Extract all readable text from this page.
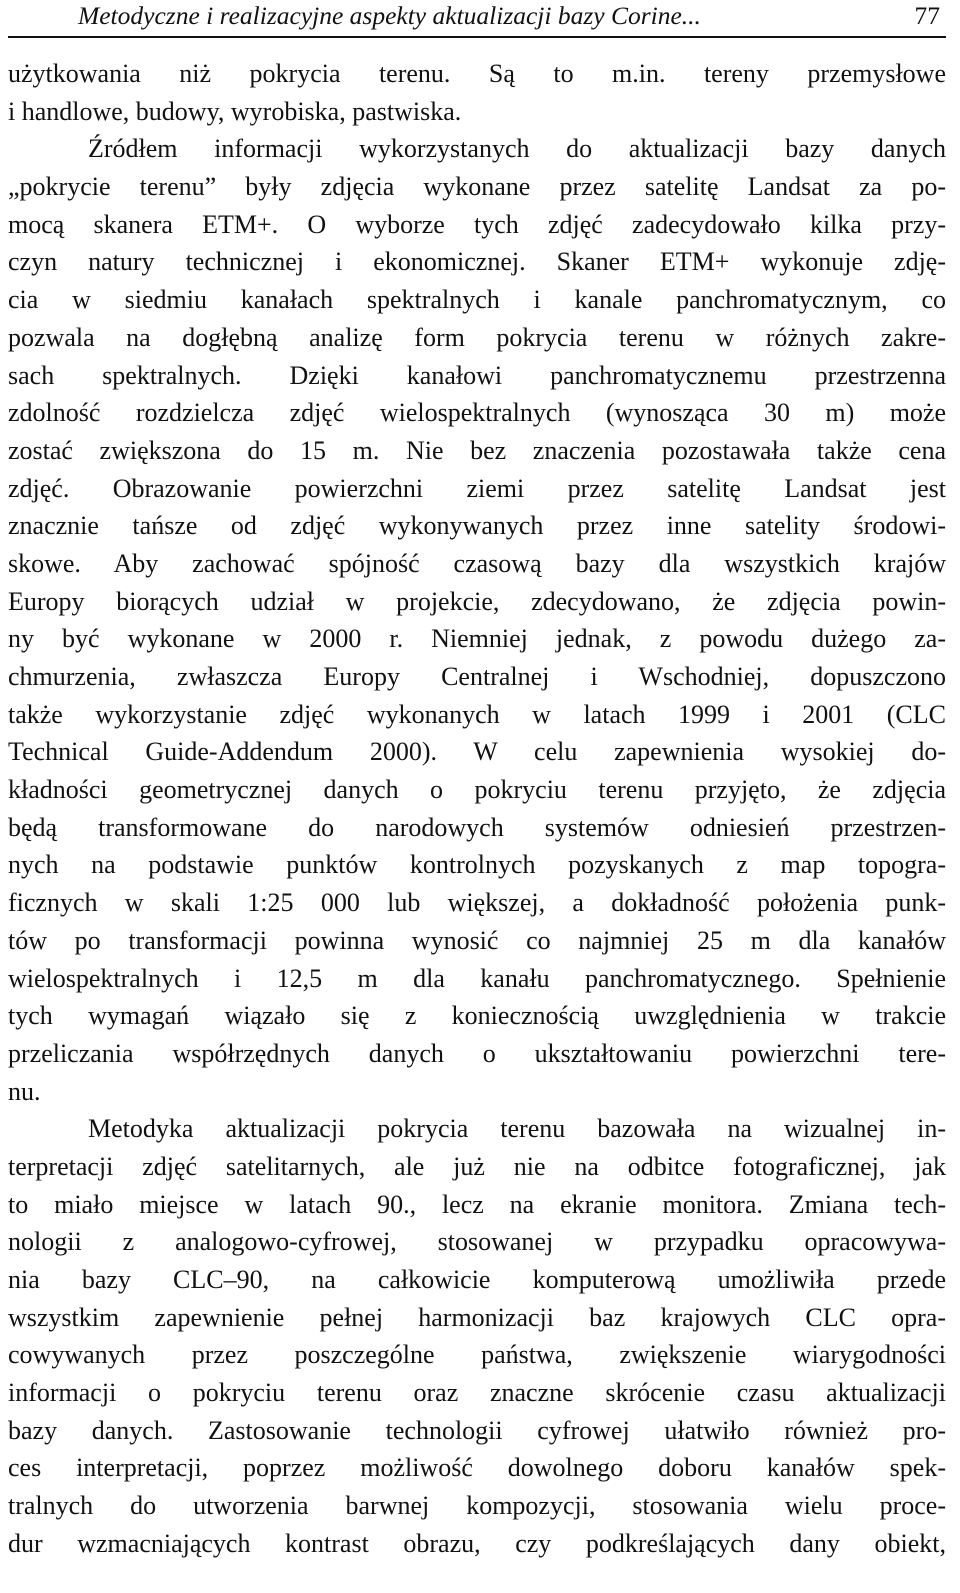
Metodyczne i realizacyjne aspekty aktualizacji bazy Corine...	77
użytkowania niż pokrycia terenu. Są to m.in. tereny przemysłowe
i handlowe, budowy, wyrobiska, pastwiska.
Źródłem informacji wykorzystanych do aktualizacji bazy danych
„pokrycie terenu” były zdjęcia wykonane przez satelitę Landsat za po-
mocą skanera ETM+. O wyborze tych zdjęć zadecydowało kilka przy-
czyn natury technicznej i ekonomicznej. Skaner ETM+ wykonuje zdję-
cia w siedmiu kanałach spektralnych i kanale panchromatycznym, co
pozwala na dogłębną analizę form pokrycia terenu w różnych zakre-
sach spektralnych. Dzięki kanałowi panchromatycznemu przestrzenna
zdolność rozdzielcza zdjęć wielospektralnych (wynosząca 30 m) może
zostać zwiększona do 15 m. Nie bez znaczenia pozostawała także cena
zdjęć. Obrazowanie powierzchni ziemi przez satelitę Landsat jest
znacznie tańsze od zdjęć wykonywanych przez inne satelity środowi-
skowe. Aby zachować spójność czasową bazy dla wszystkich krajów
Europy biorących udział w projekcie, zdecydowano, że zdjęcia powin-
ny być wykonane w 2000 r. Niemniej jednak, z powodu dużego za-
chmurzenia, zwłaszcza Europy Centralnej i Wschodniej, dopuszczono
także wykorzystanie zdjęć wykonanych w latach 1999 i 2001 (CLC
Technical Guide-Addendum 2000). W celu zapewnienia wysokiej do-
kładności geometrycznej danych o pokryciu terenu przyjęto, że zdjęcia
będą transformowane do narodowych systemów odniesień przestrzen-
nych na podstawie punktów kontrolnych pozyskanych z map topogra-
ficznych w skali 1:25 000 lub większej, a dokładność położenia punk-
tów po transformacji powinna wynosić co najmniej 25 m dla kanałów
wielospektralnych i 12,5 m dla kanału panchromatycznego. Spełnienie
tych wymagań wiązało się z koniecznością uwzględnienia w trakcie
przeliczania współrzędnych danych o ukształtowaniu powierzchni tere-
nu.
Metodyka aktualizacji pokrycia terenu bazowała na wizualnej in-
terpretacji zdjęć satelitarnych, ale już nie na odbitce fotograficznej, jak
to miało miejsce w latach 90., lecz na ekranie monitora. Zmiana tech-
nologii z analogowo-cyfrowej, stosowanej w przypadku opracowywa-
nia bazy CLC–90, na całkowicie komputerową umożliwiła przede
wszystkim zapewnienie pełnej harmonizacji baz krajowych CLC opra-
cowywanych przez poszczególne państwa, zwiększenie wiarygodności
informacji o pokryciu terenu oraz znaczne skrócenie czasu aktualizacji
bazy danych. Zastosowanie technologii cyfrowej ułatwiło również pro-
ces interpretacji, poprzez możliwość dowolnego doboru kanałów spek-
tralnych do utworzenia barwnej kompozycji, stosowania wielu proce-
dur wzmacniających kontrast obrazu, czy podkreślających dany obiekt,
